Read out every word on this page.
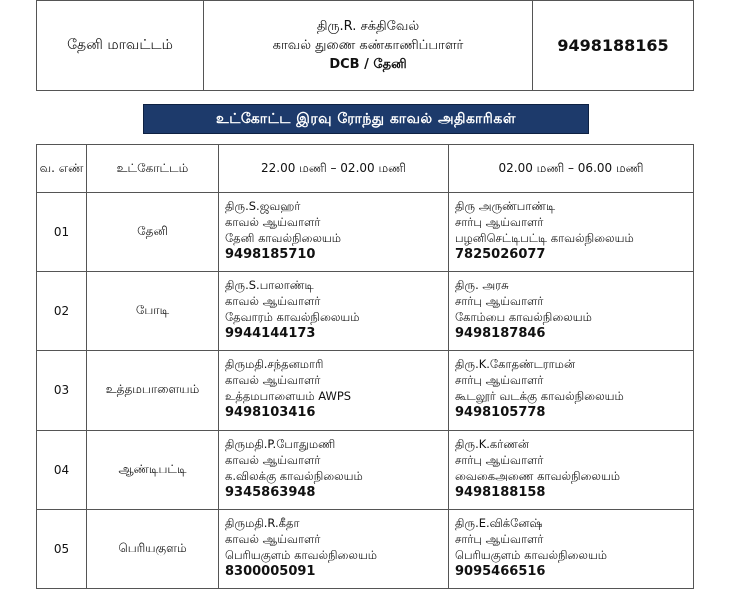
தேனி மாவட்டம்	
திரு.R. சக்திவேல்
காவல் துணை கண்காணிப்பாளர்
DCB / தேனி
	9498188165
உட்கோட்ட இரவு ரோந்து காவல் அதிகாரிகள்
வ. எண்	உட்கோட்டம்	22.00 மணி – 02.00 மணி	02.00 மணி – 06.00 மணி
01	தேனி	திரு.S.ஜவஹர்
காவல் ஆய்வாளர்
தேனி காவல்நிலையம்
9498185710	திரு அருண்பாண்டி
சார்பு ஆய்வாளர்
பழனிசெட்டிபட்டி காவல்நிலையம்
7825026077

02	போடி	திரு.S.பாலாண்டி
காவல் ஆய்வாளர்
தேவாரம் காவல்நிலையம்
9944144173	திரு. அரசு
சார்பு ஆய்வாளர்
கோம்பை காவல்நிலையம்
9498187846

03	உத்தமபாளையம்	திருமதி.சந்தனமாரி
காவல் ஆய்வாளர்
உத்தமபாளையம் AWPS
9498103416	திரு.K.கோதண்டராமன்
சார்பு ஆய்வாளர்
கூடலூர் வடக்கு காவல்நிலையம்
9498105778

04	ஆண்டிபட்டி	திருமதி.P.போதுமணி
காவல் ஆய்வாளர்
க.விலக்கு காவல்நிலையம்
9345863948	திரு.K.கர்ணன்
சார்பு ஆய்வாளர்
வைகைஅணை காவல்நிலையம்
9498188158

05	பெரியகுளம்	திருமதி.R.கீதா
காவல் ஆய்வாளர்
பெரியகுளம் காவல்நிலையம்
8300005091	திரு.E.விக்னேஷ்
சார்பு ஆய்வாளர்
பெரியகுளம் காவல்நிலையம்
9095466516
